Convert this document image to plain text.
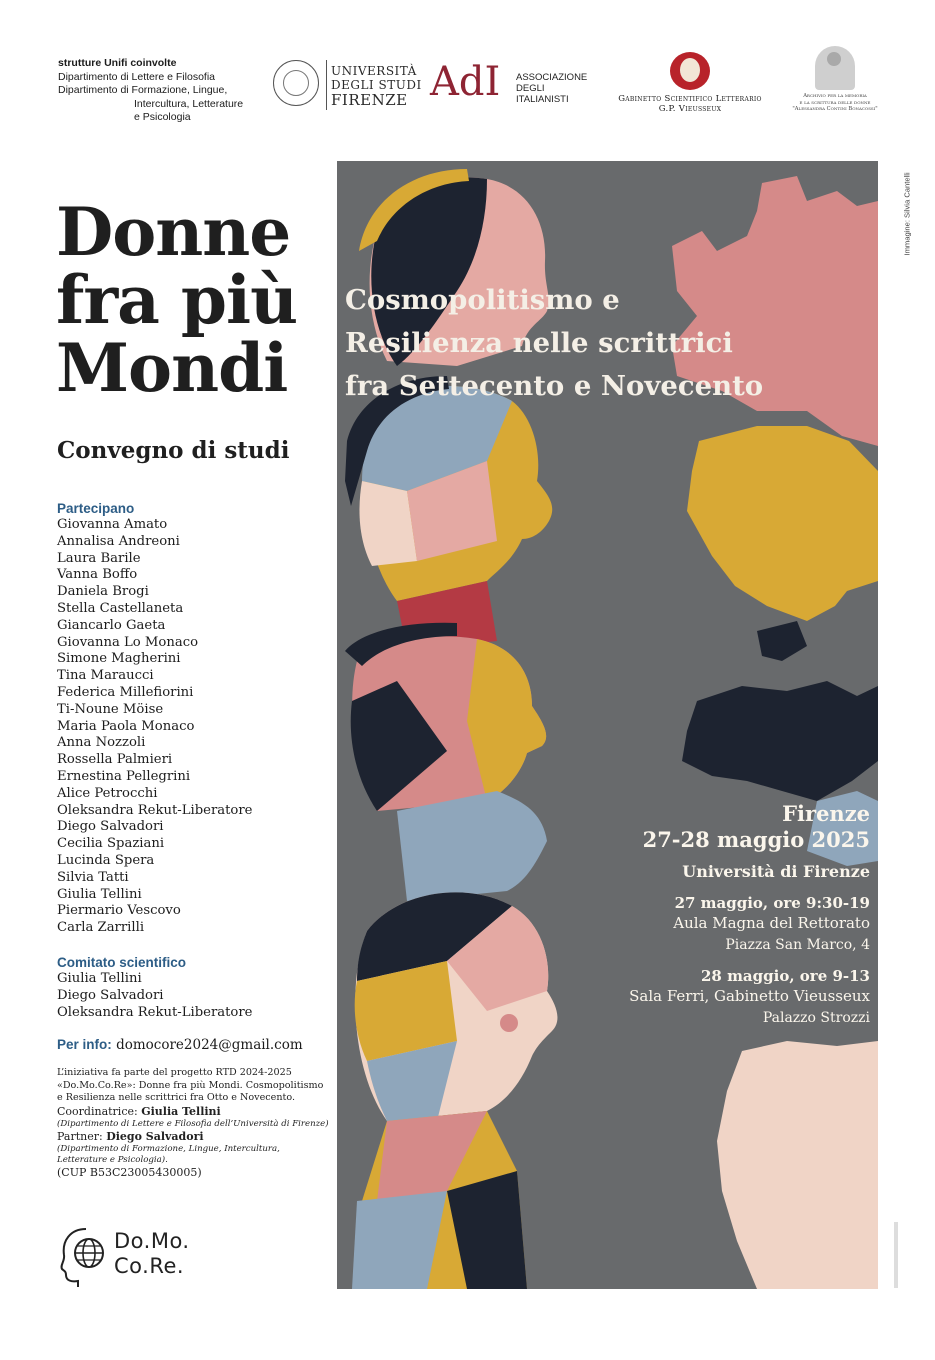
strutture Unifi coinvolte
Dipartimento di Lettere e Filosofia
Dipartimento di Formazione, Lingue,
Intercultura, Letterature
e Psicologia
UNIVERSITÀ
DEGLI STUDI
FIRENZE AdI ASSOCIAZIONE
DEGLI
ITALIANISTI	Gabinetto Scientifico Letterario
G.P. Vieusseux
Archivio per la memoria
e la scrittura delle donne
"Alessandra Contini Bonacossi"
Donne
fra più
Mondi
Convegno di studi
Partecipano
Giovanna Amato
Annalisa Andreoni
Laura Barile
Vanna Boffo
Daniela Brogi
Stella Castellaneta
Giancarlo Gaeta
Giovanna Lo Monaco
Simone Magherini
Tina Maraucci
Federica Millefiorini
Ti-Noune Möise
Maria Paola Monaco
Anna Nozzoli
Rossella Palmieri
Ernestina Pellegrini
Alice Petrocchi
Oleksandra Rekut-Liberatore
Diego Salvadori
Cecilia Spaziani
Lucinda Spera
Silvia Tatti
Giulia Tellini
Piermario Vescovo
Carla Zarrilli
Comitato scientifico
Giulia Tellini
Diego Salvadori
Oleksandra Rekut-Liberatore
Per info: domocore2024@gmail.com

L’iniziativa fa parte del progetto RTD 2024-2025 «Do.Mo.Co.Re»: Donne fra più Mondi. Cosmopolitismo e Resilienza nelle scrittrici fra Otto e Novecento.

Coordinatrice: Giulia Tellini

(Dipartimento di Lettere e Filosofia dell’Università di Firenze)

Partner: Diego Salvadori

(Dipartimento di Formazione, Lingue, Intercultura, Letterature e Psicologia).

(CUP B53C23005430005)

Do.Mo.
Co.Re.
Cosmopolitismo e
Resilienza nelle scrittrici
fra Settecento e Novecento
Firenze
27-28 maggio 2025
Università di Firenze
27 maggio, ore 9:30-19
Aula Magna del Rettorato
Piazza San Marco, 4
28 maggio, ore 9-13
Sala Ferri, Gabinetto Vieusseux
Palazzo Strozzi
Immagine: Silvia Cantelli
